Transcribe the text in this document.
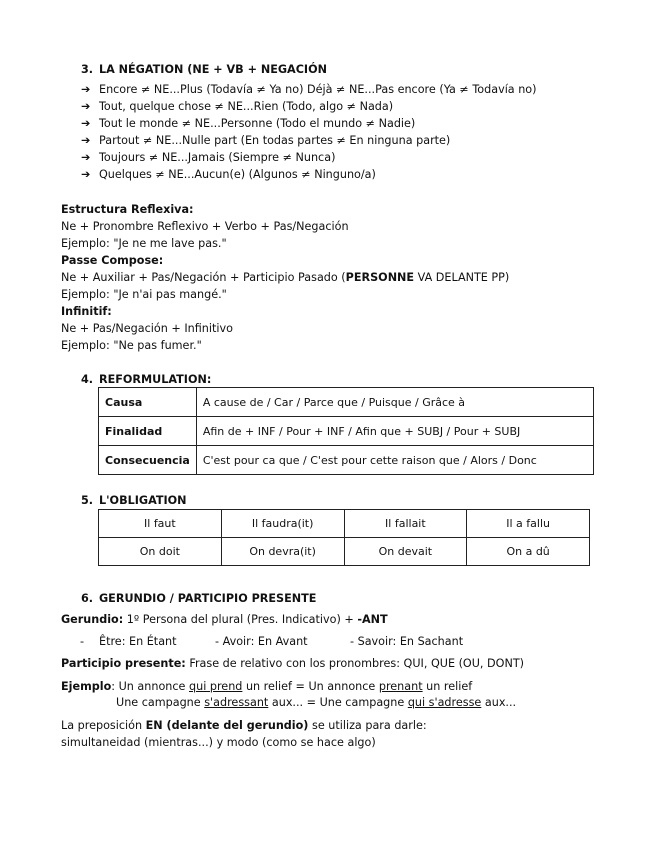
3. LA NÉGATION (NE + VB + NEGACIÓN
➔ Encore ≠ NE...Plus (Todavía ≠ Ya no) Déjà ≠ NE...Pas encore (Ya ≠ Todavía no)
➔ Tout, quelque chose ≠ NE...Rien (Todo, algo ≠ Nada)
➔ Tout le monde ≠ NE...Personne (Todo el mundo ≠ Nadie)
➔ Partout ≠ NE...Nulle part (En todas partes ≠ En ninguna parte)
➔ Toujours ≠ NE...Jamais (Siempre ≠ Nunca)
➔ Quelques ≠ NE...Aucun(e) (Algunos ≠ Ninguno/a)
Estructura Reflexiva:
Ne + Pronombre Reflexivo + Verbo + Pas/Negación
Ejemplo: "Je ne me lave pas."
Passe Compose:
Ne + Auxiliar + Pas/Negación + Participio Pasado (PERSONNE VA DELANTE PP)
Ejemplo: "Je n'ai pas mangé."
Infinitif:
Ne + Pas/Negación + Infinitivo
Ejemplo: "Ne pas fumer."
4. REFORMULATION:
Causa	A cause de / Car / Parce que / Puisque / Grâce à
Finalidad	Afin de + INF / Pour + INF / Afin que + SUBJ / Pour + SUBJ
Consecuencia	C'est pour ca que / C'est pour cette raison que / Alors / Donc
5. L'OBLIGATION
Il faut	Il faudra(it)	Il fallait	Il a fallu
On doit	On devra(it)	On devait	On a dû
6. GERUNDIO / PARTICIPIO PRESENTE
Gerundio: 1º Persona del plural (Pres. Indicativo) + -ANT
- Être: En Étant	- Avoir: En Avant	- Savoir: En Sachant
Participio presente: Frase de relativo con los pronombres: QUI, QUE (OU, DONT)
Ejemplo: Un annonce qui prend un relief = Un annonce prenant un relief
Une campagne s'adressant aux... = Une campagne qui s'adresse aux...
La preposición EN (delante del gerundio) se utiliza para darle:
simultaneidad (mientras...) y modo (como se hace algo)
